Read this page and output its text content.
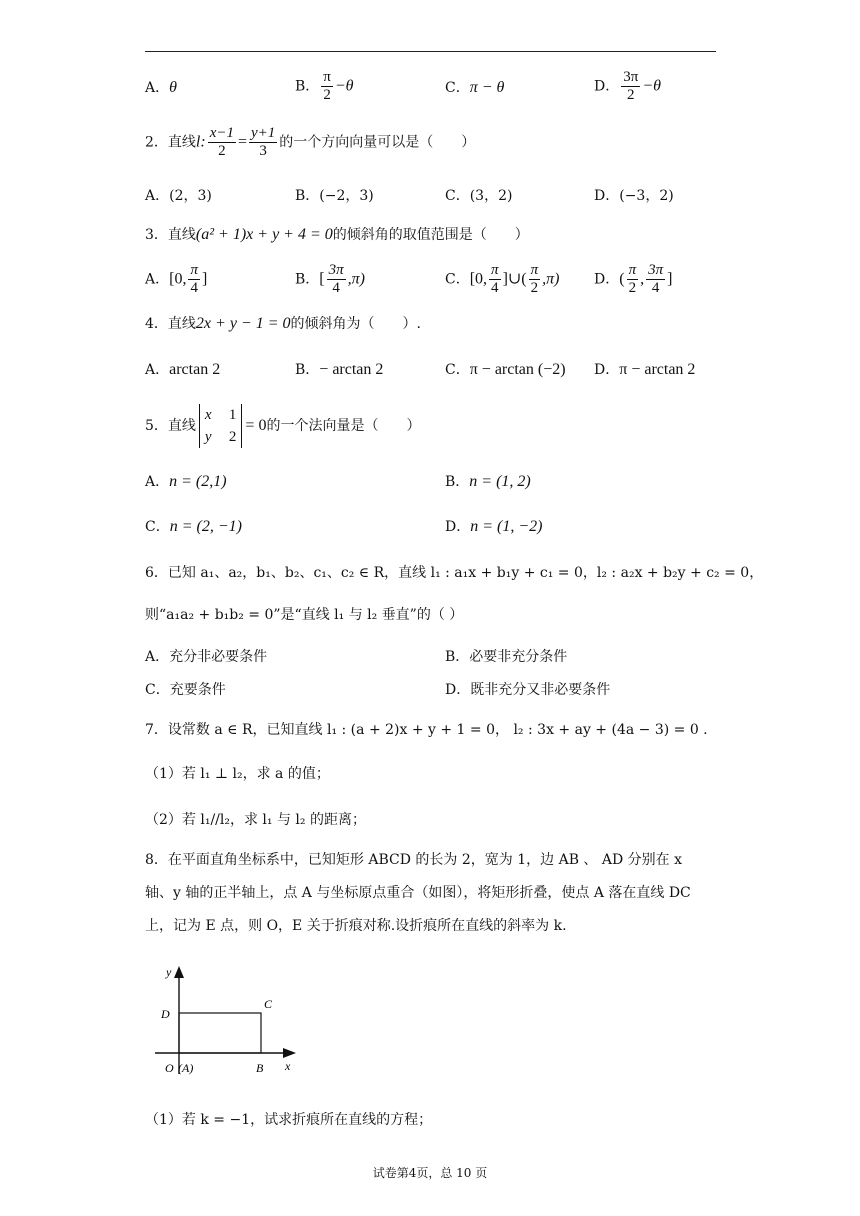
A．θ	B． $\frac{\pi}{2} -\theta$	C．π − θ	D． $\frac{3\pi}{2} -\theta$
2．直线l: $\frac{x-1}{2} = \frac{y+1}{3}$ 的一个方向向量可以是（　　）
A．(2，3)	B．(−2，3)	C．(3，2)	D．(−3，2)
3．直线(a² + 1)x + y + 4 = 0的倾斜角的取值范围是（　　）
A．[0, $\frac{\pi}{4}$ ]	B．[ $\frac{3\pi}{4} ,\pi$)	C．[0, $\frac{\pi}{4}$ ]∪( $\frac{\pi}{2} ,\pi$) D．( $\frac{\pi}{2}$ , $\frac{3\pi}{4}$ ]
4．直线2x + y − 1 = 0的倾斜角为（　　）.
A．arctan 2	B．− arctan 2	C．π − arctan (−2) D．π − arctan 2
5．直线
x 1
y 2
= 0的一个法向量是（　　）
A．n = (2,1)	B．n = (1, 2)
C．n = (2, −1)	D．n = (1, −2)
6．已知 a₁、a₂，b₁、b₂、c₁、c₂ ∈ R，直线 l₁ : a₁x + b₁y + c₁ = 0，l₂ : a₂x + b₂y + c₂ = 0，
则“a₁a₂ + b₁b₂ = 0”是“直线 l₁ 与 l₂ 垂直”的（ ）
A．充分非必要条件	B．必要非充分条件
C．充要条件	D．既非充分又非必要条件
7．设常数 a ∈ R，已知直线 l₁ : (a + 2)x + y + 1 = 0， l₂ : 3x + ay + (4a − 3) = 0 .
（1）若 l₁ ⊥ l₂，求 a 的值；
（2）若 l₁//l₂，求 l₁ 与 l₂ 的距离；
8．在平面直角坐标系中，已知矩形 ABCD 的长为 2，宽为 1，边 AB 、 AD 分别在 x
轴、y 轴的正半轴上，点 A 与坐标原点重合（如图），将矩形折叠，使点 A 落在直线 DC
上，记为 E 点，则 O，E 关于折痕对称.设折痕所在直线的斜率为 k.
y
D
C
O (A)	B x
（1）若 k = −1，试求折痕所在直线的方程；
试卷第4页，总 10 页
